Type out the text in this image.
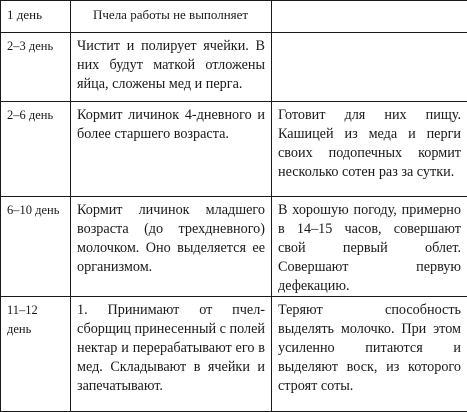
1 день	Пчела работы не выполняет	
2–3 день	Чистит и полирует ячейки. В них будут маткой отложены яйца, сложены мед и перга.	
2–6 день	Кормит личинок 4-дневного и более старшего возраста.	Готовит для них пищу. Кашицей из меда и перги своих подопечных кормит несколько сотен раз за сутки.
6–10 день	Кормит личинок младшего возраста (до трехдневного) молочком. Оно выделяется ее организмом.	В хорошую погоду, примерно в 14–15 часов, совершают свой первый облет. Совершают первую дефекацию.
11–12 день	1. Принимают от пчел-сборщиц принесенный с полей нектар и перерабатывают его в мед. Складывают в ячейки и запечатывают.	Теряют способность выделять молочко. При этом усиленно питаются и выделяют воск, из которого строят соты.
